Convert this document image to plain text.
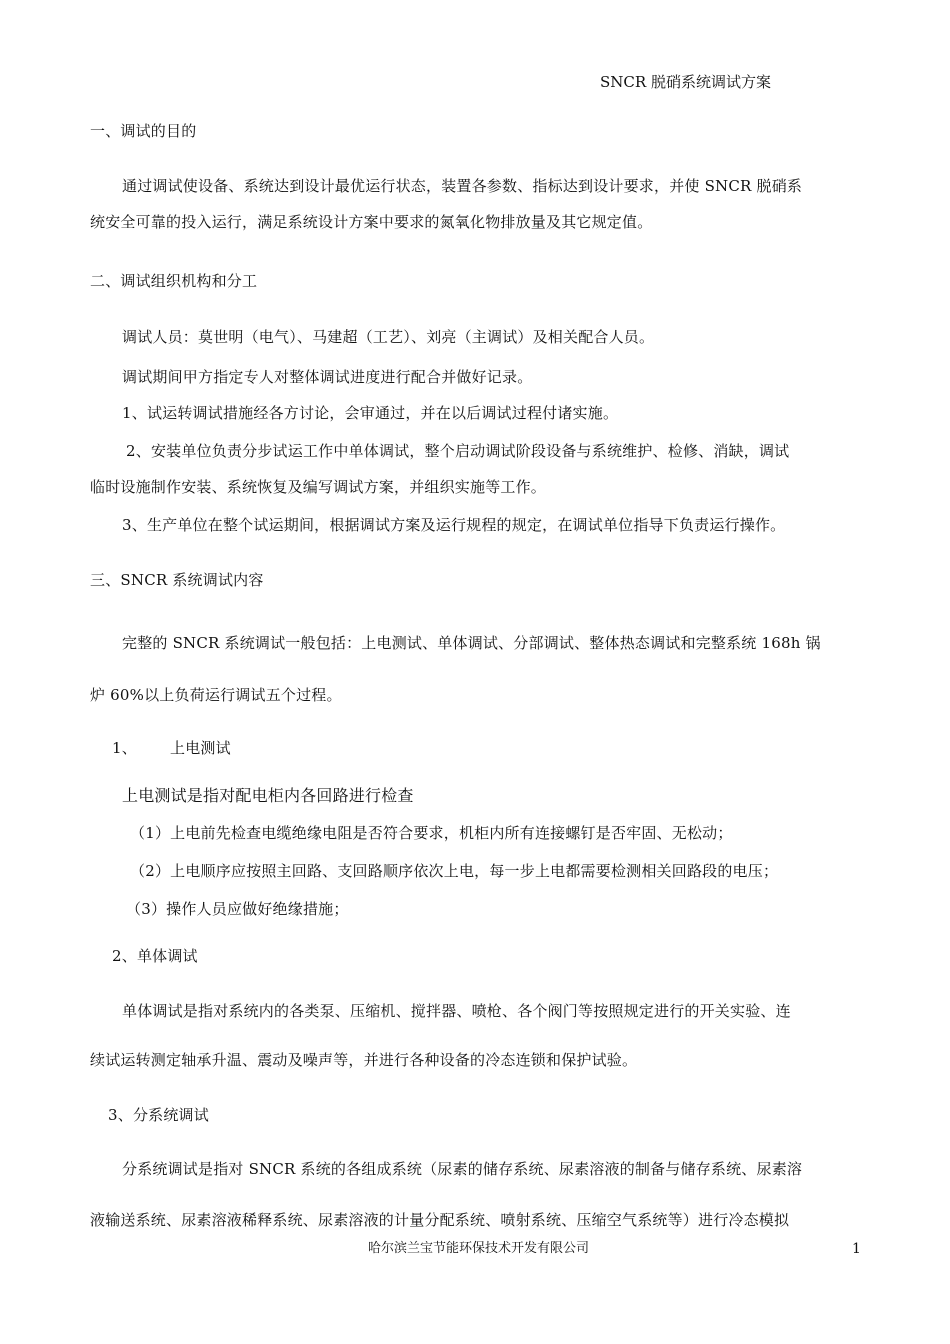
SNCR 脱硝系统调试方案
一、调试的目的
通过调试使设备、系统达到设计最优运行状态，装置各参数、指标达到设计要求，并使 SNCR 脱硝系
统安全可靠的投入运行，满足系统设计方案中要求的氮氧化物排放量及其它规定值。
二、调试组织机构和分工
调试人员：莫世明（电气）、马建超（工艺）、刘亮（主调试）及相关配合人员。
调试期间甲方指定专人对整体调试进度进行配合并做好记录。
1、试运转调试措施经各方讨论，会审通过，并在以后调试过程付诸实施。
2、安装单位负责分步试运工作中单体调试，整个启动调试阶段设备与系统维护、检修、消缺，调试
临时设施制作安装、系统恢复及编写调试方案，并组织实施等工作。
3、生产单位在整个试运期间，根据调试方案及运行规程的规定，在调试单位指导下负责运行操作。
三、SNCR 系统调试内容
完整的 SNCR 系统调试一般包括：上电测试、单体调试、分部调试、整体热态调试和完整系统 168h 锅
炉 60%以上负荷运行调试五个过程。
1、 上电测试
上电测试是指对配电柜内各回路进行检查
（1）上电前先检查电缆绝缘电阻是否符合要求，机柜内所有连接螺钉是否牢固、无松动；
（2）上电顺序应按照主回路、支回路顺序依次上电，每一步上电都需要检测相关回路段的电压；
（3）操作人员应做好绝缘措施；
2、单体调试
单体调试是指对系统内的各类泵、压缩机、搅拌器、喷枪、各个阀门等按照规定进行的开关实验、连
续试运转测定轴承升温、震动及噪声等，并进行各种设备的冷态连锁和保护试验。
3、分系统调试
分系统调试是指对 SNCR 系统的各组成系统（尿素的储存系统、尿素溶液的制备与储存系统、尿素溶
液输送系统、尿素溶液稀释系统、尿素溶液的计量分配系统、喷射系统、压缩空气系统等）进行冷态模拟
哈尔滨兰宝节能环保技术开发有限公司	1
